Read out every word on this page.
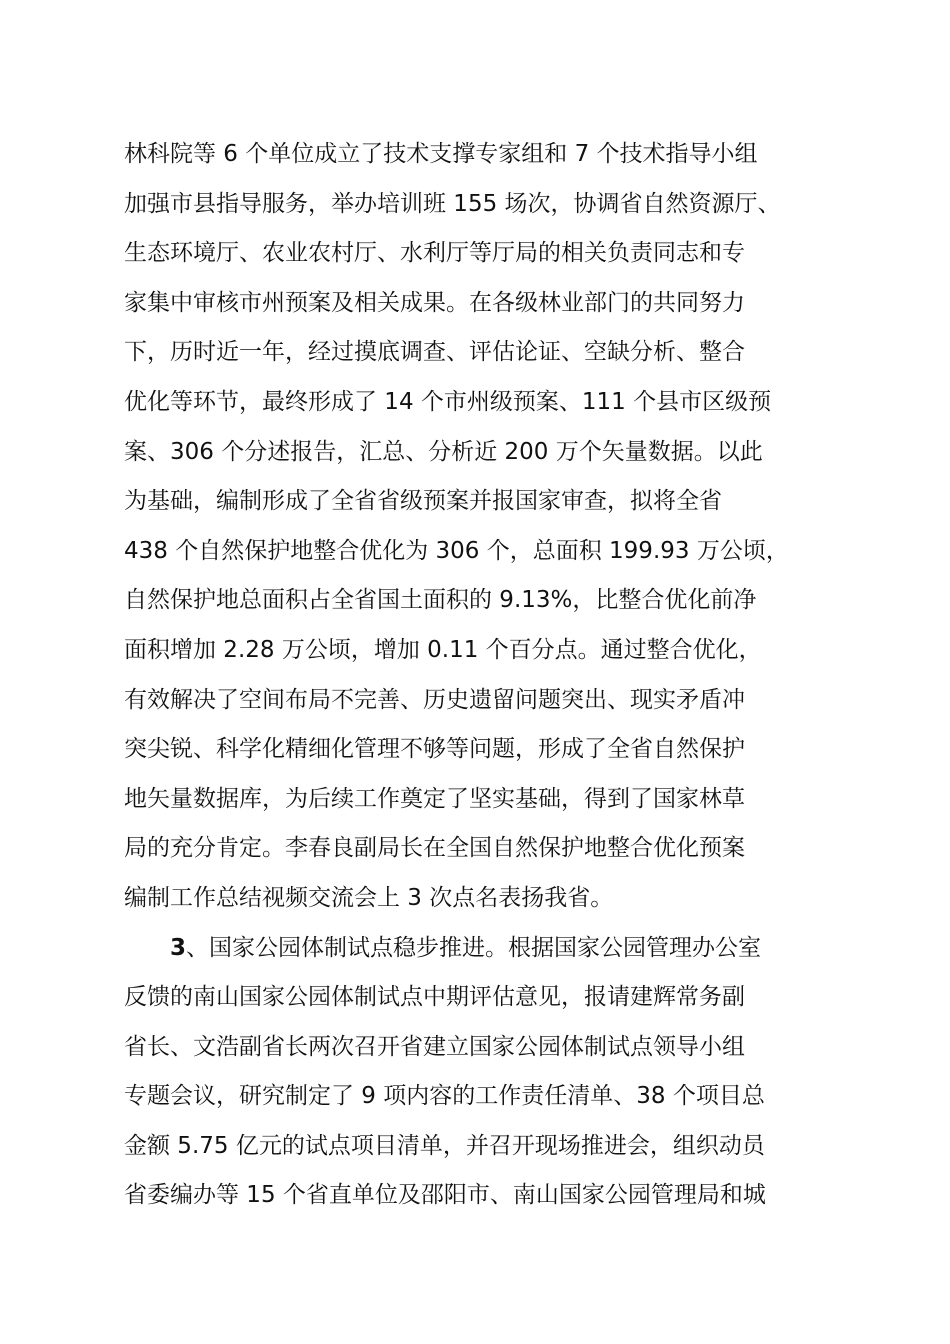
林科院等 6 个单位成立了技术支撑专家组和 7 个技术指导小组
加强市县指导服务，举办培训班 155 场次，协调省自然资源厅、
生态环境厅、农业农村厅、水利厅等厅局的相关负责同志和专
家集中审核市州预案及相关成果。在各级林业部门的共同努力
下，历时近一年，经过摸底调查、评估论证、空缺分析、整合
优化等环节，最终形成了 14 个市州级预案、111 个县市区级预
案、306 个分述报告，汇总、分析近 200 万个矢量数据。以此
为基础，编制形成了全省省级预案并报国家审查，拟将全省
438 个自然保护地整合优化为 306 个，总面积 199.93 万公顷，
自然保护地总面积占全省国土面积的 9.13%，比整合优化前净
面积增加 2.28 万公顷，增加 0.11 个百分点。通过整合优化，
有效解决了空间布局不完善、历史遗留问题突出、现实矛盾冲
突尖锐、科学化精细化管理不够等问题，形成了全省自然保护
地矢量数据库，为后续工作奠定了坚实基础，得到了国家林草
局的充分肯定。李春良副局长在全国自然保护地整合优化预案
编制工作总结视频交流会上 3 次点名表扬我省。
3、国家公园体制试点稳步推进。根据国家公园管理办公室
反馈的南山国家公园体制试点中期评估意见，报请建辉常务副
省长、文浩副省长两次召开省建立国家公园体制试点领导小组
专题会议，研究制定了 9 项内容的工作责任清单、38 个项目总
金额 5.75 亿元的试点项目清单，并召开现场推进会，组织动员
省委编办等 15 个省直单位及邵阳市、南山国家公园管理局和城
